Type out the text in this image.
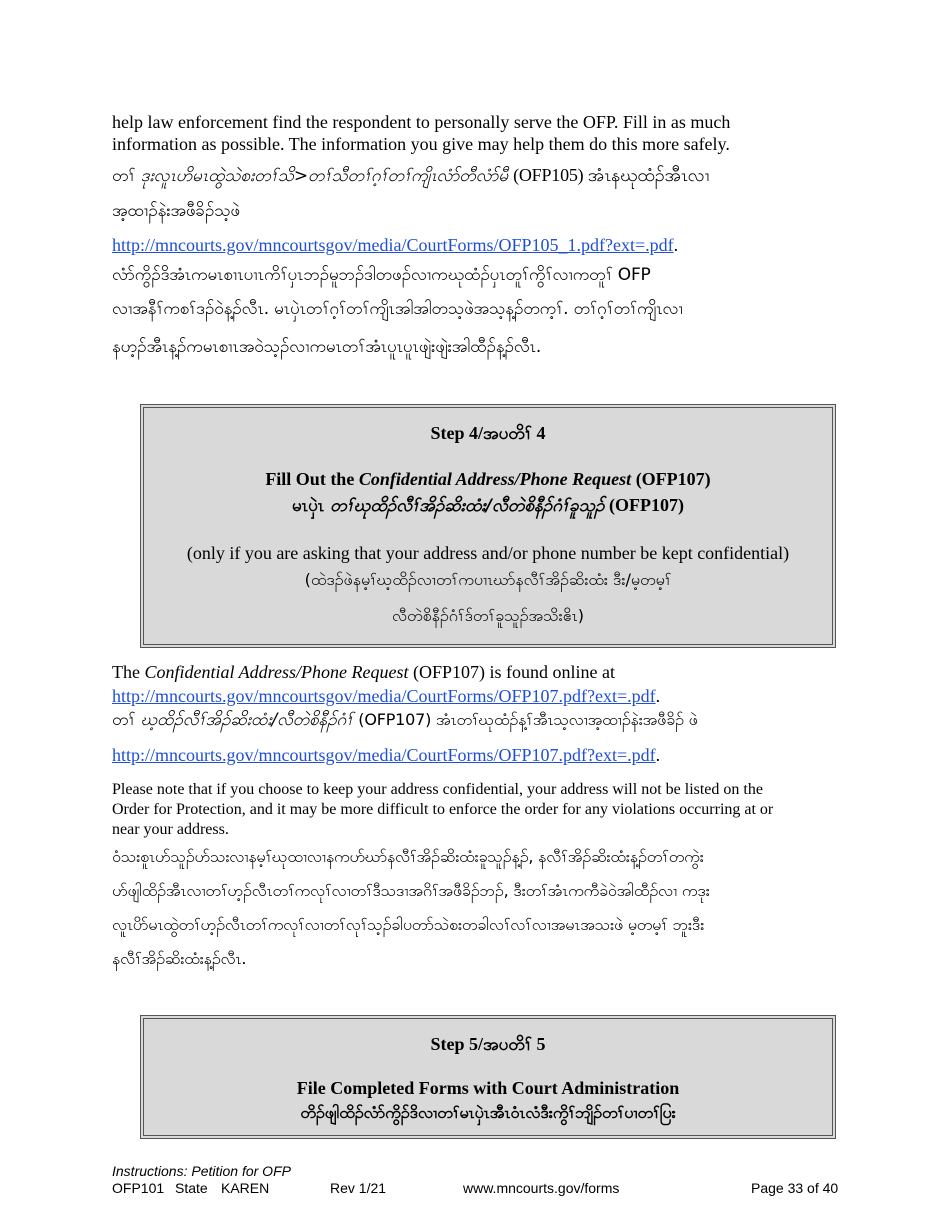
help law enforcement find the respondent to personally serve the OFP. Fill in as much
information as possible. The information you give may help them do this more safely.
တၢ် ဒုးလူၤဟိမၤထွဲသဲစးတၢ်သိ>တၢ်သီတၢ်ဂ့ၢ်တၢ်ကျိၤလံာ်တီလံာ်မီ (OFP105) အံၤနဃုထံၣ်အီၤလၢ
အ့ထၢၣ်နဲးအဖီခိၣ်သ့ဖဲ
http://mncourts.gov/mncourtsgov/media/CourtForms/OFP105_1.pdf?ext=.pdf.
လံာ်ကွိၣ်ဒိအံၤကမၤစၢၤပၢၤကိၢ်ပှၤဘၣ်မူဘၣ်ဒါတဖၣ်လၢကဃုထံၣ်ပှၤတူၢ်ကွိၢ်လၢကတူၢ် OFP
လၢအနီၢ်ကစၢ်ဒၣ်ဝဲန့ၣ်လီၤ. မၤပှဲၤတၢ်ဂ့ၢ်တၢ်ကျိၤအါအါတသ့ဖဲအသ့န့ၣ်တက့ၢ်. တၢ်ဂ့ၢ်တၢ်ကျိၤလၢ
နဟ့ၣ်အီၤန့ၣ်ကမၤစၢၤအဝဲသ့ၣ်လၢကမၤတၢ်အံၤပူၤပူၤဖျဲးဖျဲးအါထီၣ်န့ၣ်လီၤ.
Step 4/အပတိၢ် 4
Fill Out the Confidential Address/Phone Request (OFP107)
မၤပှဲၤ တၢ်ဃုထိၣ်လီၢ်အိၣ်ဆိးထံး/လီတဲစိနီၣ်ဂံၢ်ခူသူၣ် (OFP107)
(only if you are asking that your address and/or phone number be kept confidential)
(ထဲဒၣ်ဖဲနမ့ၢ်ဃ့ထိၣ်လၢတၢ်ကပၢၤဃာ်နလီၢ်အိၣ်ဆိးထံး ဒီး/မ့တမ့ၢ်
လီတဲစိနီၣ်ဂံၢ်ဒ်တၢ်ခူသူၣ်အသိးဧိၤ)
The Confidential Address/Phone Request (OFP107) is found online at
http://mncourts.gov/mncourtsgov/media/CourtForms/OFP107.pdf?ext=.pdf.
တၢ် ဃ့ထိၣ်လီၢ်အိၣ်ဆိးထံး/လီတဲစိနီၣ်ဂံၢ် (OFP107) အံၤတၢ်ဃုထံၣ်န့ၢ်အီၤသ့လၢအ့ထၢၣ်နဲးအဖီခိၣ် ဖဲ
http://mncourts.gov/mncourtsgov/media/CourtForms/OFP107.pdf?ext=.pdf.
Please note that if you choose to keep your address confidential, your address will not be listed on the
Order for Protection, and it may be more difficult to enforce the order for any violations occurring at or
near your address.
ဝံသးစူၤဟ်သူၣ်ဟ်သးလၢနမ့ၢ်ဃုထၢလၢနကဟ်ဃာ်နလီၢ်အိၣ်ဆိးထံးခူသူၣ်န့ၣ်, နလီၢ်အိၣ်ဆိးထံးန့ၣ်တၢ်တကွဲး
ဟ်ဖျါထိၣ်အီၤလၢတၢ်ဟ့ၣ်လီၤတၢ်ကလုၢ်လၢတၢ်ဒီသဒၢအဂိၢ်အဖီခိၣ်ဘၣ်, ဒီးတၢ်အံၤကကီခဲဝဲအါထီၣ်လၢ ကဒုး
လူၤပိာ်မၤထွဲတၢ်ဟ့ၣ်လီၤတၢ်ကလုၢ်လၢတၢ်လုၢ်သ့ၣ်ခါပတာ်သဲစးတခါလၢ်လၢ်လၢအမၤအသးဖဲ မ့တမ့ၢ် ဘူးဒီး
နလီၢ်အိၣ်ဆိးထံးန့ၣ်လီၤ.
Step 5/အပတိၢ် 5
File Completed Forms with Court Administration
တိၣ်ဖျါထိၣ်လံာ်ကွိၣ်ဒိလၢတၢ်မၤပှဲၤအီၤဝံၤလံဒီးကွိၢ်ဘျိၣ်တၢ်ပၢတၢ်ပြး
Instructions: Petition for OFP
OFP101 State KAREN	Rev 1/21	www.mncourts.gov/forms	Page 33 of 40
